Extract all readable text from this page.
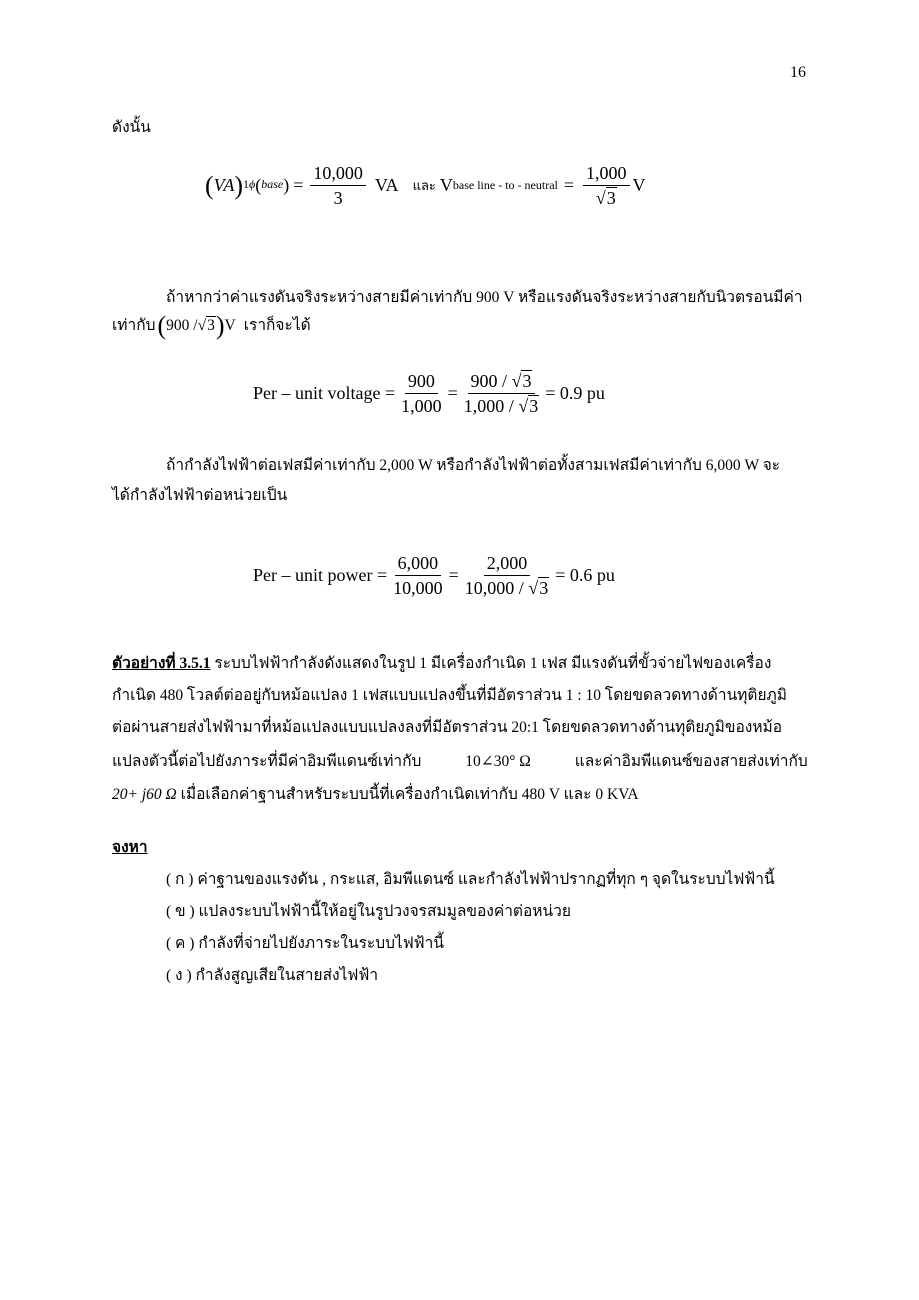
16
ดังนั้น
( VA ) 1ϕ(base) = $\frac{10,000}{3}$ VA และ V base line - to - neutral = $\frac{1,000}{√3}$ V
ถ้าหากว่าค่าแรงดันจริงระหว่างสายมีค่าเท่ากับ 900 V หรือแรงดันจริงระหว่างสายกับนิวตรอนมีค่า
เท่ากับ ( 900 / √3 ) V เราก็จะได้
Per – unit voltage = $\frac{900}{1,000} = \frac{900 / √3}{1,000 / √3} = 0.9$ pu
ถ้ากำลังไฟฟ้าต่อเฟสมีค่าเท่ากับ 2,000 W หรือกำลังไฟฟ้าต่อทั้งสามเฟสมีค่าเท่ากับ 6,000 W จะ
ได้กำลังไฟฟ้าต่อหน่วยเป็น
Per – unit power = $\frac{6,000}{10,000} = \frac{2,000}{10,000 / √3} = 0.6$ pu
ตัวอย่างที่ 3.5.1 ระบบไฟฟ้ากำลังดังแสดงในรูป 1 มีเครื่องกำเนิด 1 เฟส มีแรงดันที่ขั้วจ่ายไฟของเครื่อง
กำเนิด 480 โวลต์ต่ออยู่กับหม้อแปลง 1 เฟสแบบแปลงขึ้นที่มีอัตราส่วน 1 : 10 โดยขดลวดทางด้านทุติยภูมิ
ต่อผ่านสายส่งไฟฟ้ามาที่หม้อแปลงแบบแปลงลงที่มีอัตราส่วน 20:1 โดยขดลวดทางด้านทุติยภูมิของหม้อ
แปลงตัวนี้ต่อไปยังภาระที่มีค่าอิมพีแดนซ์เท่ากับ	10∠30° Ω	และค่าอิมพีแดนซ์ของสายส่งเท่ากับ
20+ j60 Ω เมื่อเลือกค่าฐานสำหรับระบบนี้ที่เครื่องกำเนิดเท่ากับ 480 V และ 0 KVA
จงหา
( ก ) ค่าฐานของแรงดัน , กระแส, อิมพีแดนซ์ และกำลังไฟฟ้าปรากฏที่ทุก ๆ จุดในระบบไฟฟ้านี้
( ข ) แปลงระบบไฟฟ้านี้ให้อยู่ในรูปวงจรสมมูลของค่าต่อหน่วย
( ค ) กำลังที่จ่ายไปยังภาระในระบบไฟฟ้านี้
( ง ) กำลังสูญเสียในสายส่งไฟฟ้า
